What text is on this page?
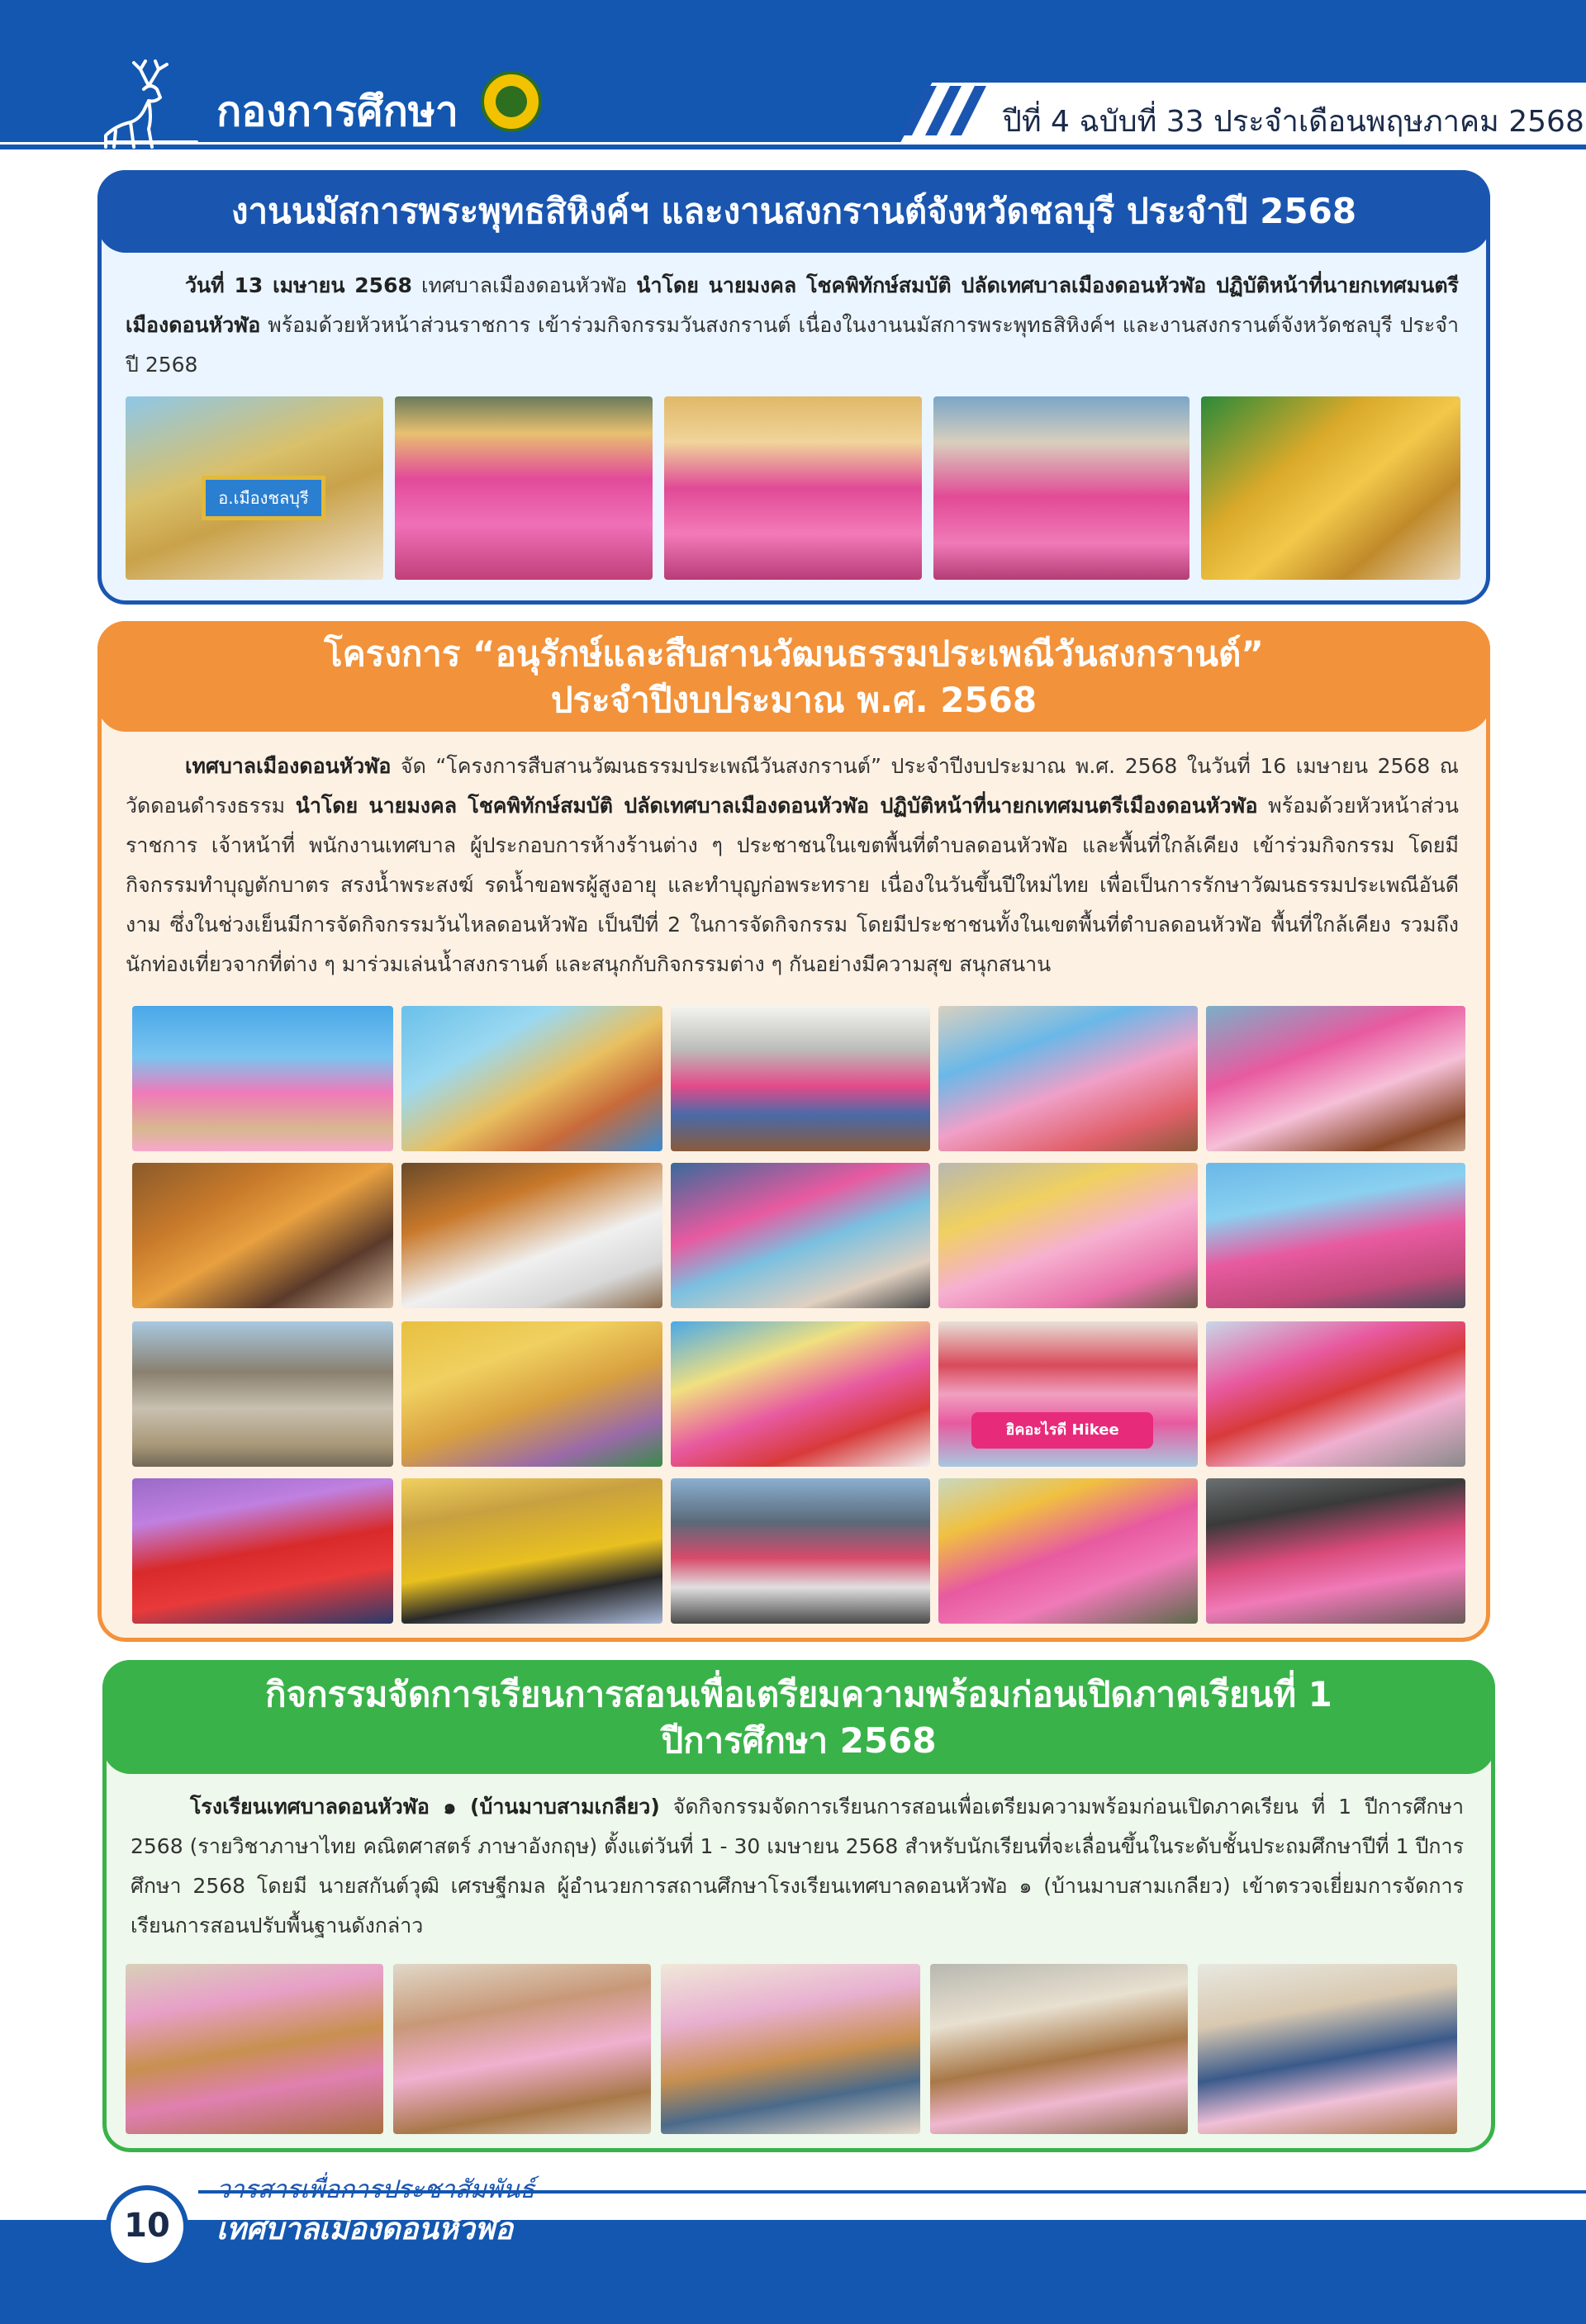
กองการศึกษา	ปีที่ 4 ฉบับที่ 33 ประจำเดือนพฤษภาคม 2568
งานนมัสการพระพุทธสิหิงค์ฯ และงานสงกรานต์จังหวัดชลบุรี ประจำปี 2568
วันที่ 13 เมษายน 2568 เทศบาลเมืองดอนหัวฬ่อ นำโดย นายมงคล โชคพิทักษ์สมบัติ ปลัดเทศบาลเมืองดอนหัวฬ่อ ปฏิบัติหน้าที่นายกเทศมนตรีเมืองดอนหัวฬ่อ พร้อมด้วยหัวหน้าส่วนราชการ เข้าร่วมกิจกรรมวันสงกรานต์ เนื่องในงานนมัสการพระพุทธสิหิงค์ฯ และงานสงกรานต์จังหวัดชลบุรี ประจำปี 2568
อ.เมืองชลบุรี
โครงการ “อนุรักษ์และสืบสานวัฒนธรรมประเพณีวันสงกรานต์”
ประจำปีงบประมาณ พ.ศ. 2568
เทศบาลเมืองดอนหัวฬ่อ จัด “โครงการสืบสานวัฒนธรรมประเพณีวันสงกรานต์” ประจำปีงบประมาณ พ.ศ. 2568 ในวันที่ 16 เมษายน 2568 ณ วัดดอนดำรงธรรม นำโดย นายมงคล โชคพิทักษ์สมบัติ ปลัดเทศบาลเมืองดอนหัวฬ่อ ปฏิบัติหน้าที่นายกเทศมนตรีเมืองดอนหัวฬ่อ พร้อมด้วยหัวหน้าส่วนราชการ เจ้าหน้าที่ พนักงานเทศบาล ผู้ประกอบการห้างร้านต่าง ๆ ประชาชนในเขตพื้นที่ตำบลดอนหัวฬ่อ และพื้นที่ใกล้เคียง เข้าร่วมกิจกรรม โดยมีกิจกรรมทำบุญตักบาตร สรงน้ำพระสงฆ์ รดน้ำขอพรผู้สูงอายุ และทำบุญก่อพระทราย เนื่องในวันขึ้นปีใหม่ไทย เพื่อเป็นการรักษาวัฒนธรรมประเพณีอันดีงาม ซึ่งในช่วงเย็นมีการจัดกิจกรรมวันไหลดอนหัวฬ่อ เป็นปีที่ 2 ในการจัดกิจกรรม โดยมีประชาชนทั้งในเขตพื้นที่ตำบลดอนหัวฬ่อ พื้นที่ใกล้เคียง รวมถึงนักท่องเที่ยวจากที่ต่าง ๆ มาร่วมเล่นน้ำสงกรานต์ และสนุกกับกิจกรรมต่าง ๆ กันอย่างมีความสุข สนุกสนาน
ฮิคอะไรดี Hikee
กิจกรรมจัดการเรียนการสอนเพื่อเตรียมความพร้อมก่อนเปิดภาคเรียนที่ 1
ปีการศึกษา 2568
โรงเรียนเทศบาลดอนหัวฬ่อ ๑ (บ้านมาบสามเกลียว) จัดกิจกรรมจัดการเรียนการสอนเพื่อเตรียมความพร้อมก่อนเปิดภาคเรียน ที่ 1 ปีการศึกษา 2568 (รายวิชาภาษาไทย คณิตศาสตร์ ภาษาอังกฤษ) ตั้งแต่วันที่ 1 - 30 เมษายน 2568 สำหรับนักเรียนที่จะเลื่อนขึ้นในระดับชั้นประถมศึกษาปีที่ 1 ปีการศึกษา 2568 โดยมี นายสกันต์วุฒิ เศรษฐีกมล ผู้อำนวยการสถานศึกษาโรงเรียนเทศบาลดอนหัวฬ่อ ๑ (บ้านมาบสามเกลียว) เข้าตรวจเยี่ยมการจัดการเรียนการสอนปรับพื้นฐานดังกล่าว
10
วารสารเพื่อการประชาสัมพันธ์
เทศบาลเมืองดอนหัวฬ่อ
